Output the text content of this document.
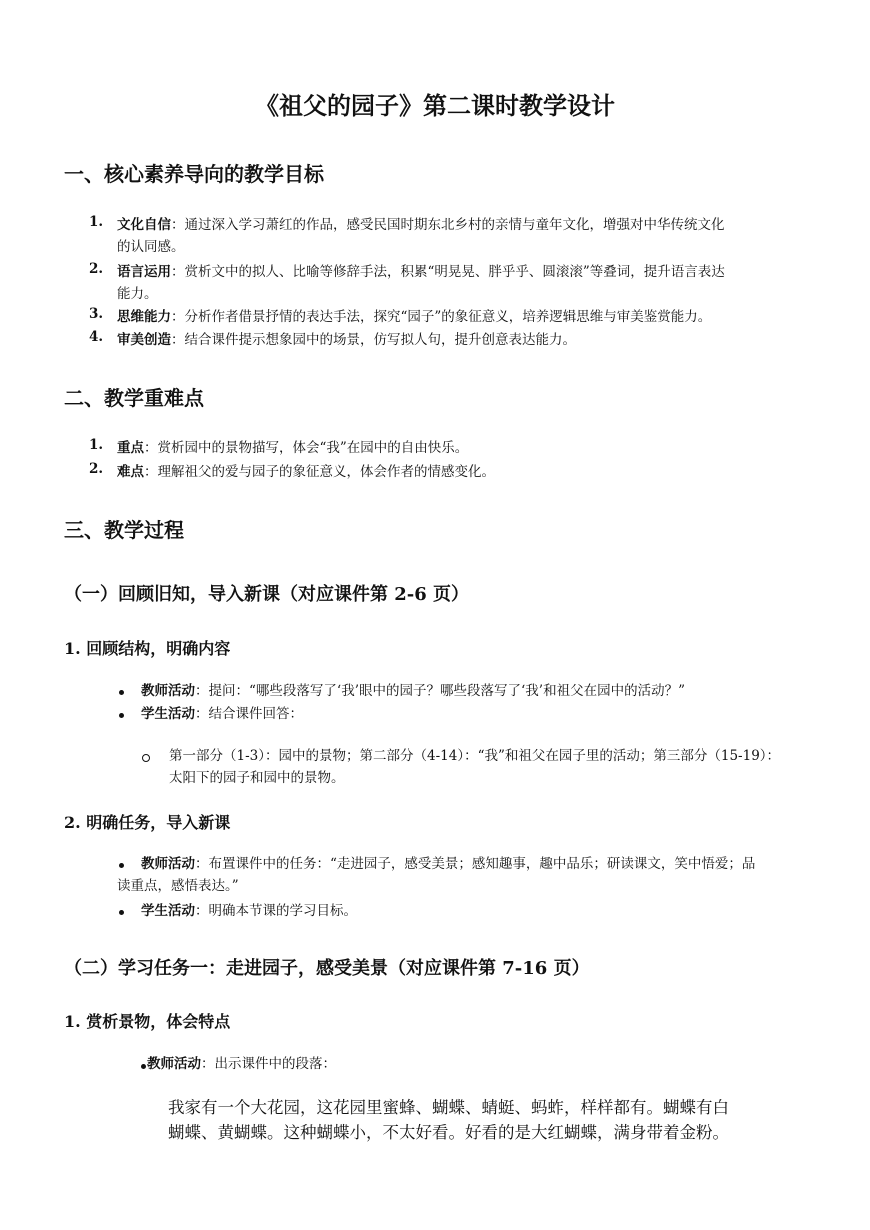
《祖父的园子》第二课时教学设计
一、核心素养导向的教学目标
1. 文化自信：通过深入学习萧红的作品，感受民国时期东北乡村的亲情与童年文化，增强对中华传统文化
的认同感。
2. 语言运用：赏析文中的拟人、比喻等修辞手法，积累“明晃晃、胖乎乎、圆滚滚”等叠词，提升语言表达
能力。
3. 思维能力：分析作者借景抒情的表达手法，探究“园子”的象征意义，培养逻辑思维与审美鉴赏能力。
4. 审美创造：结合课件提示想象园中的场景，仿写拟人句，提升创意表达能力。
二、教学重难点
1. 重点：赏析园中的景物描写，体会“我”在园中的自由快乐。
2. 难点：理解祖父的爱与园子的象征意义，体会作者的情感变化。
三、教学过程
（一）回顾旧知，导入新课（对应课件第 2-6 页）
1. 回顾结构，明确内容
教师活动：提问：“哪些段落写了‘我’眼中的园子？哪些段落写了‘我’和祖父在园中的活动？”
学生活动：结合课件回答：
第一部分（1-3）：园中的景物；第二部分（4-14）：“我”和祖父在园子里的活动；第三部分（15-19）：
太阳下的园子和园中的景物。
2. 明确任务，导入新课
教师活动：布置课件中的任务：“走进园子，感受美景；感知趣事，趣中品乐；研读课文，笑中悟爱；品
读重点，感悟表达。”
学生活动：明确本节课的学习目标。
（二）学习任务一：走进园子，感受美景（对应课件第 7-16 页）
1. 赏析景物，体会特点
教师活动：出示课件中的段落：
我家有一个大花园，这花园里蜜蜂、蝴蝶、蜻蜓、蚂蚱，样样都有。蝴蝶有白
蝴蝶、黄蝴蝶。这种蝴蝶小，不太好看。好看的是大红蝴蝶，满身带着金粉。
